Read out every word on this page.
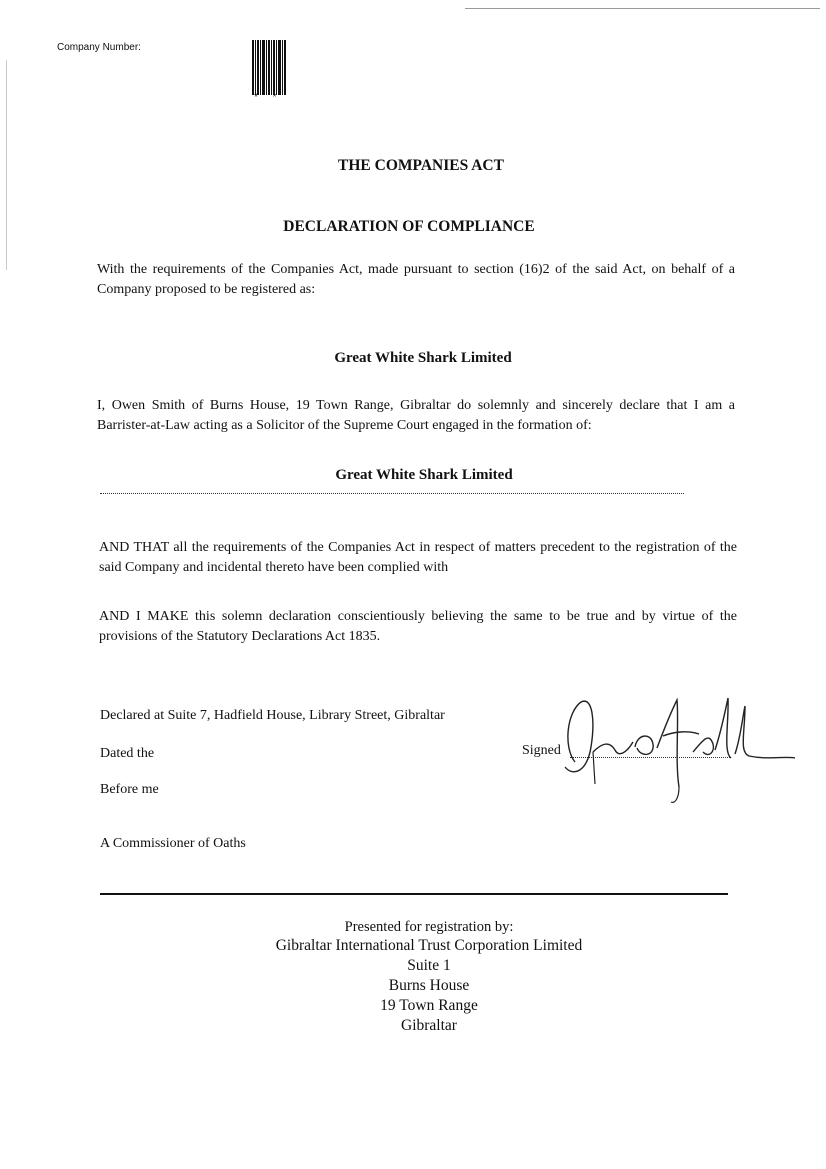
Company Number:
* *
THE COMPANIES ACT
DECLARATION OF COMPLIANCE
With the requirements of the Companies Act, made pursuant to section (16)2 of the said Act, on behalf of a Company proposed to be registered as:
Great White Shark Limited
I, Owen Smith of Burns House, 19 Town Range, Gibraltar do solemnly and sincerely declare that I am a Barrister-at-Law acting as a Solicitor of the Supreme Court engaged in the formation of:
Great White Shark Limited
AND THAT all the requirements of the Companies Act in respect of matters precedent to the registration of the said Company and incidental thereto have been complied with
AND I MAKE this solemn declaration conscientiously believing the same to be true and by virtue of the provisions of the Statutory Declarations Act 1835.
Declared at Suite 7, Hadfield House, Library Street, Gibraltar
Dated the
Before me
A Commissioner of Oaths
Signed
Presented for registration by:
Gibraltar International Trust Corporation Limited
Suite 1
Burns House
19 Town Range
Gibraltar
